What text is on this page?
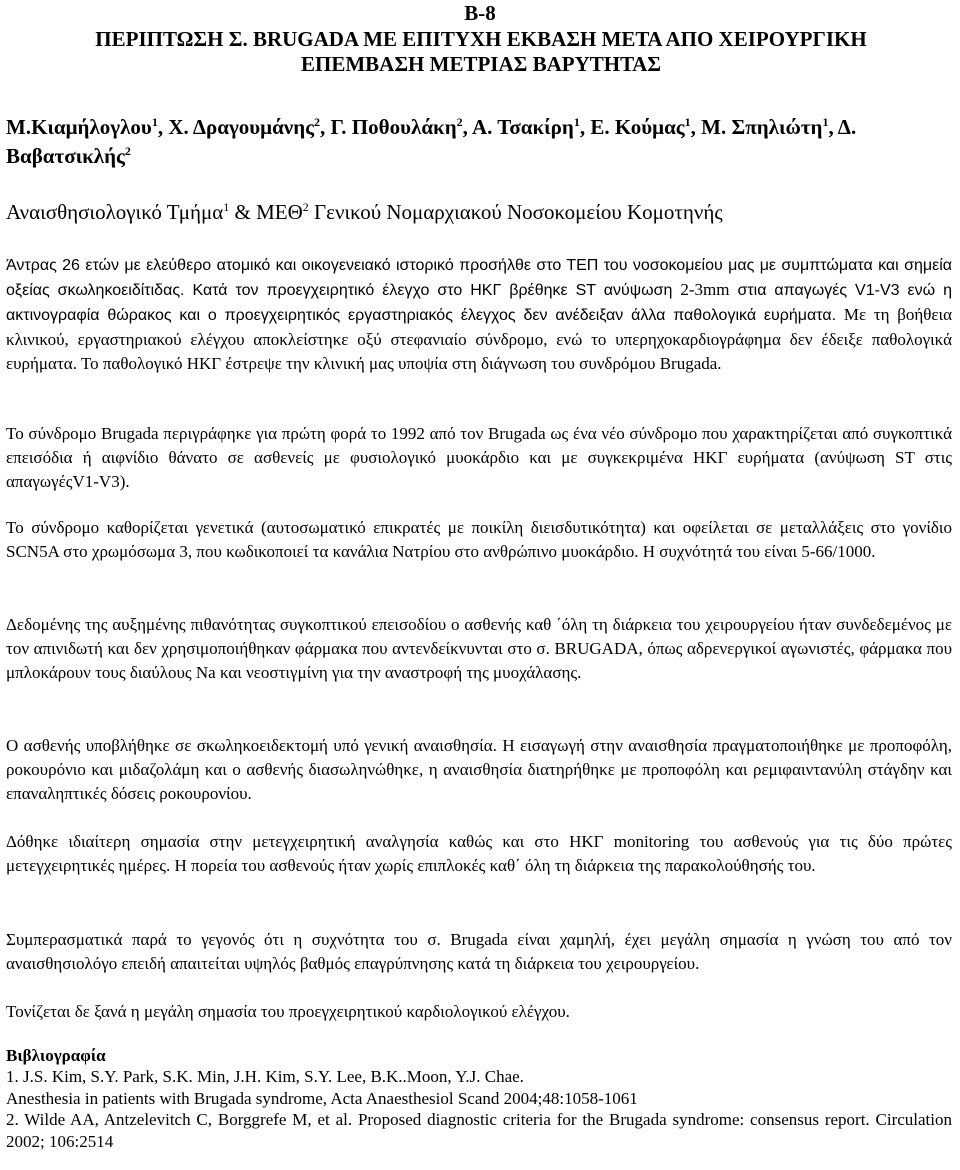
B-8
ΠΕΡΙΠΤΩΣΗ Σ. BRUGADA ΜΕ ΕΠΙΤΥΧΗ ΕΚΒΑΣΗ ΜΕΤΑ ΑΠΟ ΧΕΙΡΟΥΡΓΙΚΗ
ΕΠΕΜΒΑΣΗ ΜΕΤΡΙΑΣ ΒΑΡΥΤΗΤΑΣ
Μ.Κιαμήλογλου$^1$, Χ. Δραγουμάνης$^2$, Γ. Ποθουλάκη$^2$, Α. Τσακίρη$^1$, Ε. Κούμας$^1$, Μ. Σπηλιώτη$^1$, Δ. Βαβατσικλής$^2$
Αναισθησιολογικό Τμήμα$^1$ & ΜΕΘ$^2$ Γενικού Νομαρχιακού Νοσοκομείου Κομοτηνής

Άντρας 26 ετών με ελεύθερο ατομικό και οικογενειακό ιστορικό προσήλθε στο ΤΕΠ του νοσοκομείου μας με συμπτώματα και σημεία οξείας σκωληκοειδίτιδας. Κατά τον προεγχειρητικό έλεγχο στο ΗΚΓ βρέθηκε ST ανύψωση 2-3mm στια απαγωγές V1-V3 ενώ η ακτινογραφία θώρακος και ο προεγχειρητικός εργαστηριακός έλεγχος δεν ανέδειξαν άλλα παθολογικά ευρήματα. Με τη βοήθεια κλινικού, εργαστηριακού ελέγχου αποκλείστηκε οξύ στεφανιαίο σύνδρομο, ενώ το υπερηχοκαρδιογράφημα δεν έδειξε παθολογικά ευρήματα. Το παθολογικό ΗΚΓ έστρεψε την κλινική μας υποψία στη διάγνωση του συνδρόμου Brugada.

Το σύνδρομο Brugada περιγράφηκε για πρώτη φορά το 1992 από τον Brugada ως ένα νέο σύνδρομο που χαρακτηρίζεται από συγκοπτικά επεισόδια ή αιφνίδιο θάνατο σε ασθενείς με φυσιολογικό μυοκάρδιο και με συγκεκριμένα ΗΚΓ ευρήματα (ανύψωση ST στις απαγωγέςV1-V3).

Το σύνδρομο καθορίζεται γενετικά (αυτοσωματικό επικρατές με ποικίλη διεισδυτικότητα) και οφείλεται σε μεταλλάξεις στο γονίδιο SCN5A στο χρωμόσωμα 3, που κωδικοποιεί τα κανάλια Νατρίου στο ανθρώπινο μυοκάρδιο. Η συχνότητά του είναι 5-66/1000.

Δεδομένης της αυξημένης πιθανότητας συγκοπτικού επεισοδίου ο ασθενής καθ ΄όλη τη διάρκεια του χειρουργείου ήταν συνδεδεμένος με τον απινιδωτή και δεν χρησιμοποιήθηκαν φάρμακα που αντενδείκνυνται στο σ. BRUGADA, όπως αδρενεργικοί αγωνιστές, φάρμακα που μπλοκάρουν τους διαύλους Na και νεοστιγμίνη για την αναστροφή της μυοχάλασης.

Ο ασθενής υποβλήθηκε σε σκωληκοειδεκτομή υπό γενική αναισθησία. Η εισαγωγή στην αναισθησία πραγματοποιήθηκε με προποφόλη, ροκουρόνιο και μιδαζολάμη και ο ασθενής διασωληνώθηκε, η αναισθησία διατηρήθηκε με προποφόλη και ρεμιφαιντανύλη στάγδην και επαναληπτικές δόσεις ροκουρονίου.

Δόθηκε ιδιαίτερη σημασία στην μετεγχειρητική αναλγησία καθώς και στο ΗΚΓ monitoring του ασθενούς για τις δύο πρώτες μετεγχειρητικές ημέρες. Η πορεία του ασθενούς ήταν χωρίς επιπλοκές καθ΄ όλη τη διάρκεια της παρακολούθησής του.

Συμπερασματικά παρά το γεγονός ότι η συχνότητα του σ. Brugada είναι χαμηλή, έχει μεγάλη σημασία η γνώση του από τον αναισθησιολόγο επειδή απαιτείται υψηλός βαθμός επαγρύπνησης κατά τη διάρκεια του χειρουργείου.

Τονίζεται δε ξανά η μεγάλη σημασία του προεγχειρητικού καρδιολογικού ελέγχου.

Βιβλιογραφία
1. J.S. Kim, S.Y. Park, S.K. Min, J.H. Kim, S.Y. Lee, B.K..Moon, Y.J. Chae.
Anesthesia in patients with Brugada syndrome, Acta Anaesthesiol Scand 2004;48:1058-1061
2. Wilde AA, Antzelevitch C, Borggrefe M, et al. Proposed diagnostic criteria for the Brugada syndrome: consensus report. Circulation 2002; 106:2514
